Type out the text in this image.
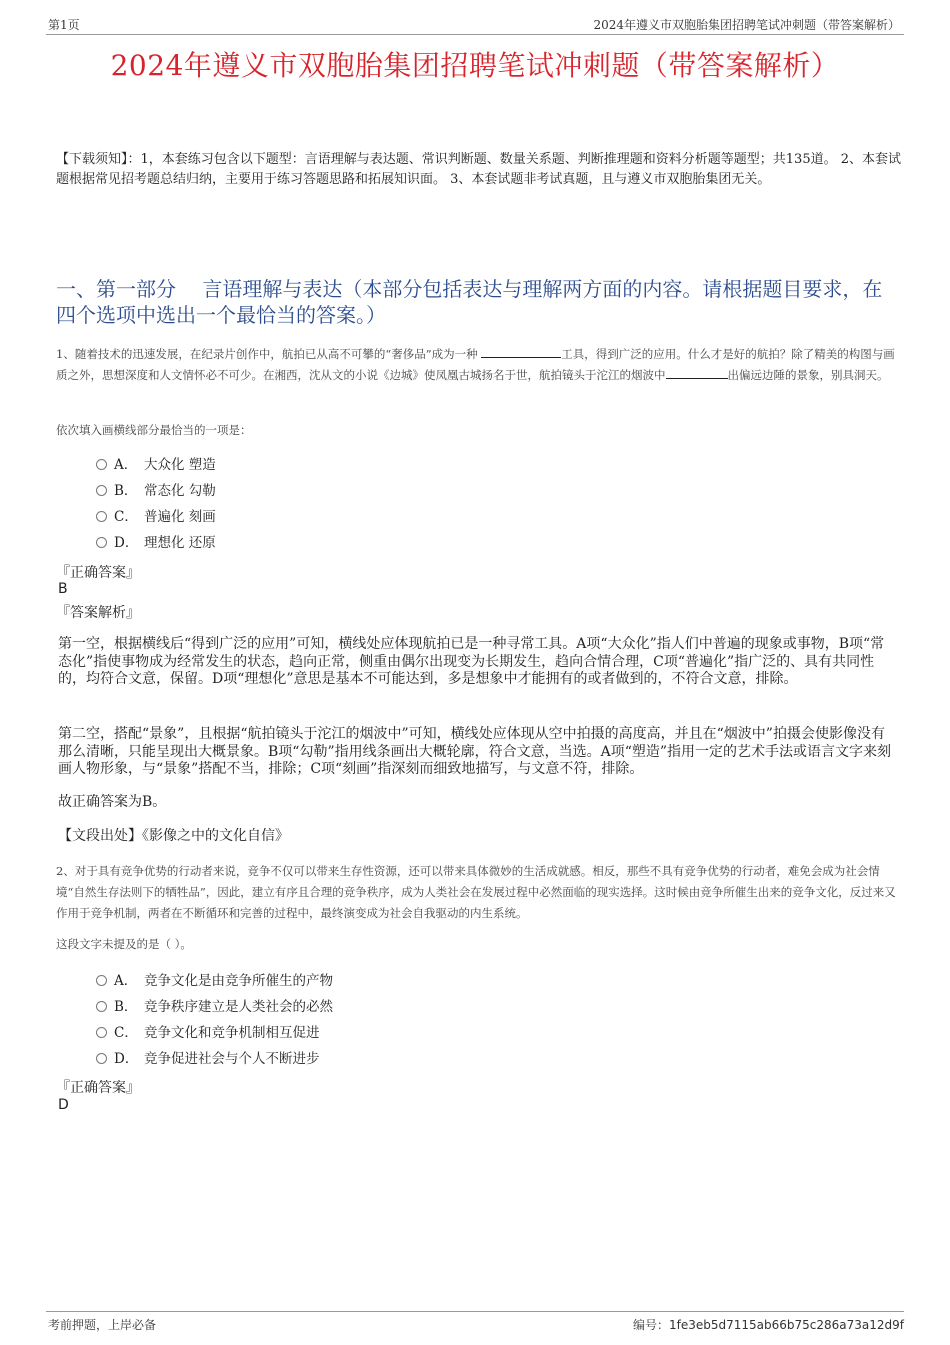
第1页	2024年遵义市双胞胎集团招聘笔试冲刺题（带答案解析）
2024年遵义市双胞胎集团招聘笔试冲刺题（带答案解析）
【下载须知】：1，本套练习包含以下题型：言语理解与表达题、常识判断题、数量关系题、判断推理题和资料分析题等题型；共135道。 2、本套试题根据常见招考题总结归纳，主要用于练习答题思路和拓展知识面。 3、本套试题非考试真题，且与遵义市双胞胎集团无关。
一、第一部分　 言语理解与表达（本部分包括表达与理解两方面的内容。请根据题目要求，在四个选项中选出一个最恰当的答案。）
1、随着技术的迅速发展，在纪录片创作中，航拍已从高不可攀的“奢侈品”成为一种	工具，得到广泛的应用。什么才是好的航拍？除了精美的构图与画质之外，思想深度和人文情怀必不可少。在湘西，沈从文的小说《边城》使凤凰古城扬名于世，航拍镜头于沱江的烟波中	出偏远边陲的景象，别具洞天。
依次填入画横线部分最恰当的一项是：
A． 大众化 塑造
B． 常态化 勾勒
C． 普遍化 刻画
D． 理想化 还原
『正确答案』
B
『答案解析』
第一空，根据横线后“得到广泛的应用”可知，横线处应体现航拍已是一种寻常工具。A项“大众化”指人们中普遍的现象或事物，B项“常态化”指使事物成为经常发生的状态，趋向正常，侧重由偶尔出现变为长期发生，趋向合情合理，C项“普遍化”指广泛的、具有共同性的，均符合文意，保留。D项“理想化”意思是基本不可能达到，多是想象中才能拥有的或者做到的，不符合文意，排除。
第二空，搭配“景象”，且根据“航拍镜头于沱江的烟波中”可知，横线处应体现从空中拍摄的高度高，并且在“烟波中”拍摄会使影像没有那么清晰，只能呈现出大概景象。B项“勾勒”指用线条画出大概轮廓，符合文意，当选。A项“塑造”指用一定的艺术手法或语言文字来刻画人物形象，与“景象”搭配不当，排除；C项“刻画”指深刻而细致地描写，与文意不符，排除。
故正确答案为B。
【文段出处】《影像之中的文化自信》
2、对于具有竞争优势的行动者来说，竞争不仅可以带来生存性资源，还可以带来具体微妙的生活成就感。相反，那些不具有竞争优势的行动者，难免会成为社会情境“自然生存法则下的牺牲品”，因此，建立有序且合理的竞争秩序，成为人类社会在发展过程中必然面临的现实选择。这时候由竞争所催生出来的竞争文化，反过来又作用于竞争机制，两者在不断循环和完善的过程中，最终演变成为社会自我驱动的内生系统。
这段文字未提及的是（ ）。
A． 竞争文化是由竞争所催生的产物
B． 竞争秩序建立是人类社会的必然
C． 竞争文化和竞争机制相互促进
D． 竞争促进社会与个人不断进步
『正确答案』
D
考前押题，上岸必备	编号：1fe3eb5d7115ab66b75c286a73a12d9f
